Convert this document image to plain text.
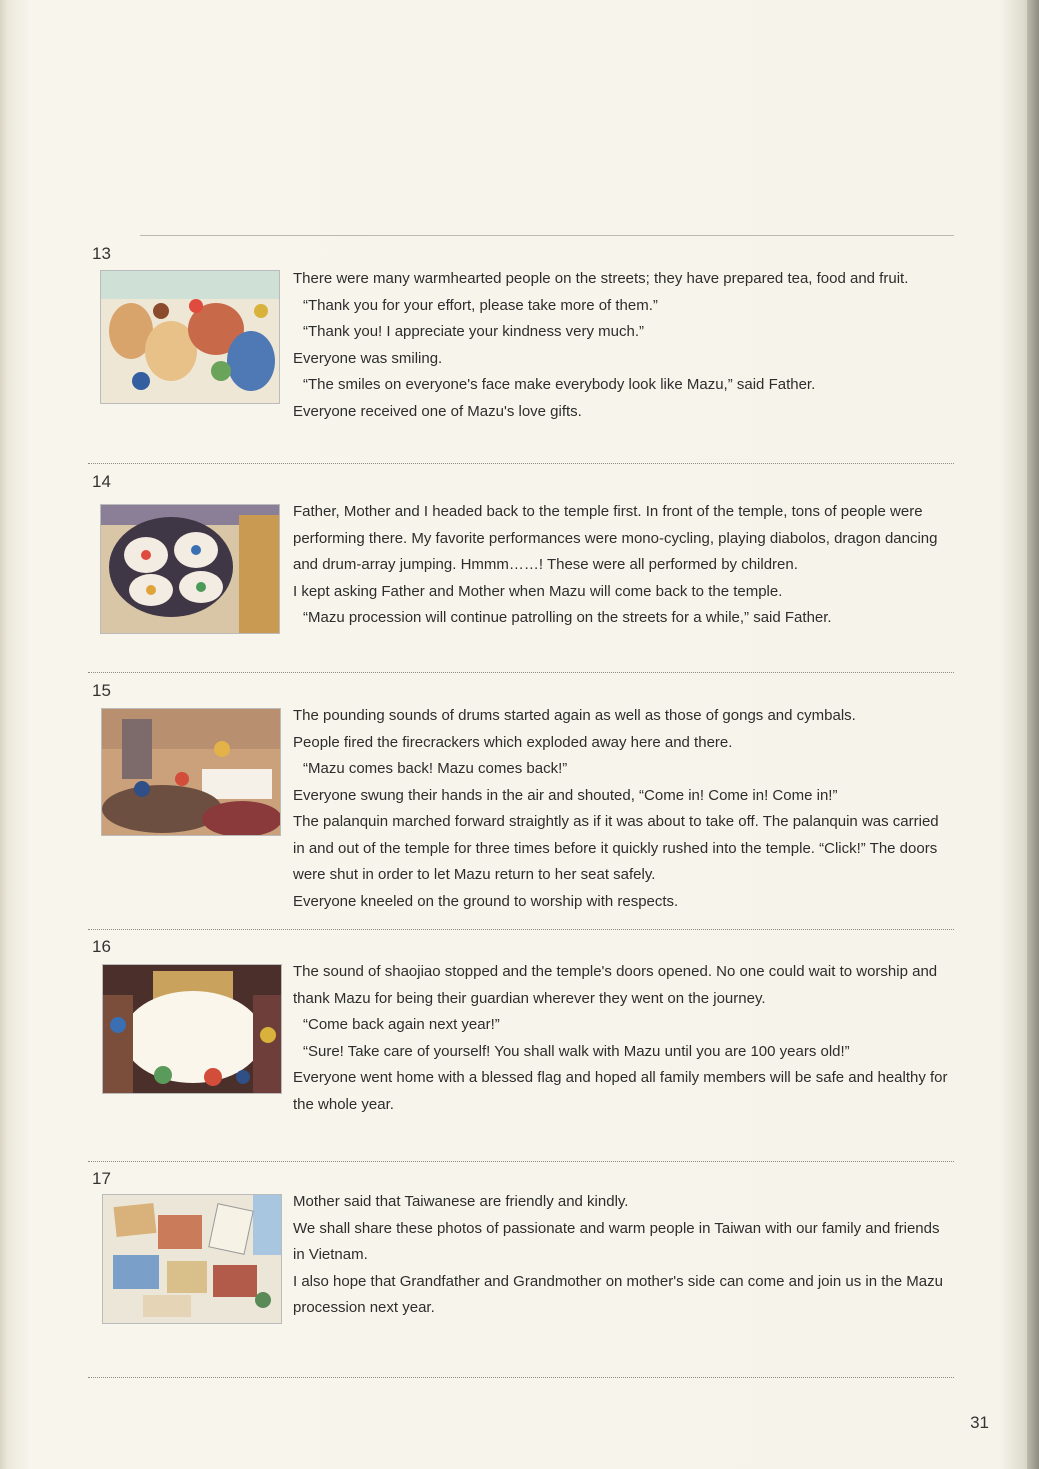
13

There were many warmhearted people on the streets; they have prepared tea, food and fruit.

“Thank you for your effort, please take more of them.”

“Thank you! I appreciate your kindness very much.”

Everyone was smiling.

“The smiles on everyone's face make everybody look like Mazu,” said Father.

Everyone received one of Mazu's love gifts.

14

Father, Mother and I headed back to the temple first. In front of the temple, tons of people were performing there. My favorite performances were mono-cycling, playing diabolos, dragon dancing and drum-array jumping. Hmmm……! These were all performed by children.

I kept asking Father and Mother when Mazu will come back to the temple.

“Mazu procession will continue patrolling on the streets for a while,” said Father.

15

The pounding sounds of drums started again as well as those of gongs and cymbals.

People fired the firecrackers which exploded away here and there.

“Mazu comes back! Mazu comes back!”

Everyone swung their hands in the air and shouted, “Come in! Come in! Come in!”

The palanquin marched forward straightly as if it was about to take off. The palanquin was carried in and out of the temple for three times before it quickly rushed into the temple. “Click!” The doors were shut in order to let Mazu return to her seat safely.

Everyone kneeled on the ground to worship with respects.

16

The sound of shaojiao stopped and the temple's doors opened. No one could wait to worship and thank Mazu for being their guardian wherever they went on the journey.

“Come back again next year!”

“Sure! Take care of yourself! You shall walk with Mazu until you are 100 years old!”

Everyone went home with a blessed flag and hoped all family members will be safe and healthy for the whole year.

17

Mother said that Taiwanese are friendly and kindly.

We shall share these photos of passionate and warm people in Taiwan with our family and friends in Vietnam.

I also hope that Grandfather and Grandmother on mother's side can come and join us in the Mazu procession next year.

31
